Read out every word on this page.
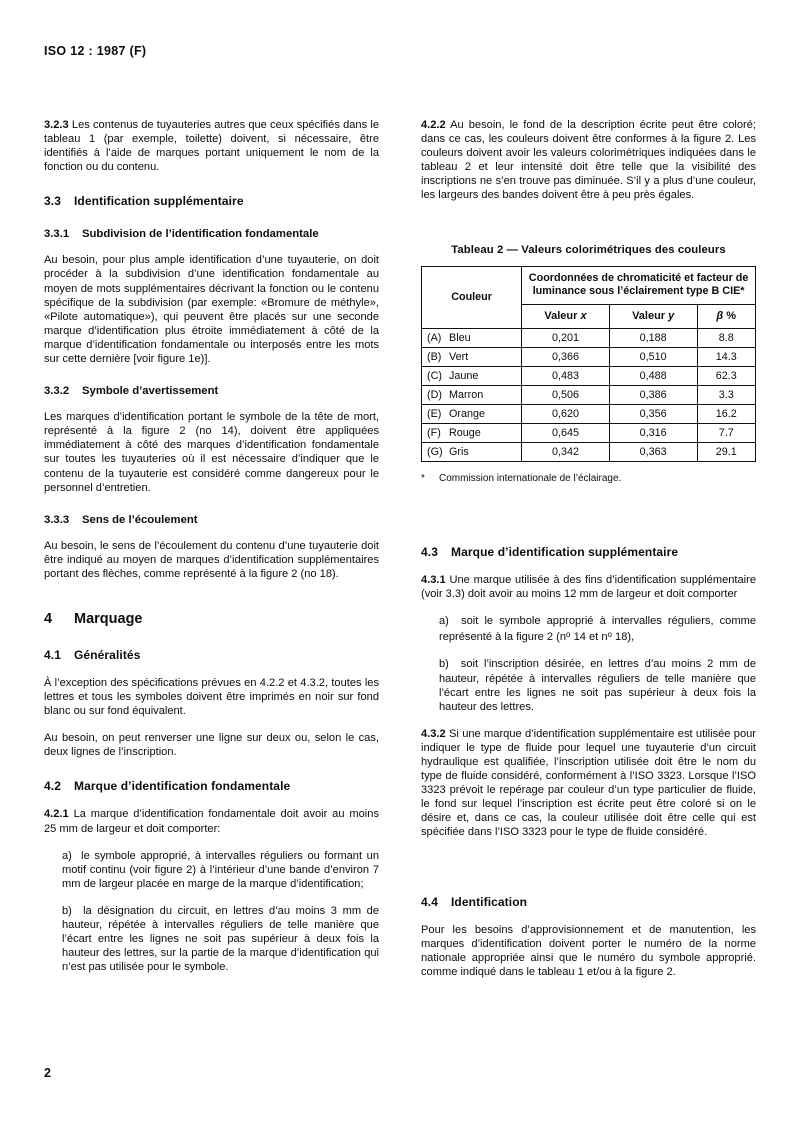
ISO 12 : 1987 (F)

3.2.3 Les contenus de tuyauteries autres que ceux spécifiés dans le tableau 1 (par exemple, toilette) doivent, si nécessaire, être identifiés à l’aide de marques portant uniquement le nom de la fonction ou du contenu.

3.3 Identification supplémentaire
3.3.1 Subdivision de l’identification fondamentale

Au besoin, pour plus ample identification d’une tuyauterie, on doit procéder à la subdivision d’une identification fondamentale au moyen de mots supplémentaires décrivant la fonction ou le contenu spécifique de la subdivision (par exemple: «Bromure de méthyle», «Pilote automatique»), qui peuvent être placés sur une seconde marque d’identification plus étroite immédiatement à côté de la marque d’identification fondamentale ou interposés entre les mots sur cette dernière [voir figure 1e)].

3.3.2 Symbole d’avertissement

Les marques d’identification portant le symbole de la tête de mort, représenté à la figure 2 (no 14), doivent être appliquées immédiatement à côté des marques d’identification fondamentale sur toutes les tuyauteries où il est nécessaire d’indiquer que le contenu de la tuyauterie est considéré comme dangereux pour le personnel d’entretien.

3.3.3 Sens de l’écoulement

Au besoin, le sens de l’écoulement du contenu d’une tuyauterie doit être indiqué au moyen de marques d’identification supplémentaires portant des flèches, comme représenté à la figure 2 (no 18).

4 Marquage
4.1 Généralités

À l’exception des spécifications prévues en 4.2.2 et 4.3.2, toutes les lettres et tous les symboles doivent être imprimés en noir sur fond blanc ou sur fond équivalent.

Au besoin, on peut renverser une ligne sur deux ou, selon le cas, deux lignes de l’inscription.

4.2 Marque d’identification fondamentale

4.2.1 La marque d’identification fondamentale doit avoir au moins 25 mm de largeur et doit comporter:

a) le symbole approprié, à intervalles réguliers ou formant un motif continu (voir figure 2) à l’intérieur d’une bande d’environ 7 mm de largeur placée en marge de la marque d’identification;

b) la désignation du circuit, en lettres d’au moins 3 mm de hauteur, répétée à intervalles réguliers de telle manière que l’écart entre les lignes ne soit pas supérieur à deux fois la hauteur des lettres, sur la partie de la marque d’identification qui n’est pas utilisée pour le symbole.

4.2.2 Au besoin, le fond de la description écrite peut être coloré; dans ce cas, les couleurs doivent être conformes à la figure 2. Les couleurs doivent avoir les valeurs colorimétriques indiquées dans le tableau 2 et leur intensité doit être telle que la visibilité des inscriptions ne s’en trouve pas diminuée. S’il y a plus d’une couleur, les largeurs des bandes doivent être à peu près égales.

Tableau 2 — Valeurs colorimétriques des couleurs
Couleur	Coordonnées de chromaticité et facteur de luminance sous l’éclairement type B CIE*		
	Valeur x	Valeur y	β %
(A) Bleu	0,201	0,188	8.8
(B) Vert	0,366	0,510	14.3
(C) Jaune	0,483	0,488	62.3
(D) Marron	0,506	0,386	3.3
(E) Orange	0,620	0,356	16.2
(F) Rouge	0,645	0,316	7.7
(G) Gris	0,342	0,363	29.1
*	Commission internationale de l’éclairage.
4.3 Marque d’identification supplémentaire

4.3.1 Une marque utilisée à des fins d’identification supplémentaire (voir 3.3) doit avoir au moins 12 mm de largeur et doit comporter

a) soit le symbole approprié à intervalles réguliers, comme représenté à la figure 2 ($n^o$ 14 et $n^o$ 18),

b) soit l’inscription désirée, en lettres d’au moins 2 mm de hauteur, répétée à intervalles réguliers de telle manière que l’écart entre les lignes ne soit pas supérieur à deux fois la hauteur des lettres.

4.3.2 Si une marque d’identification supplémentaire est utilisée pour indiquer le type de fluide pour lequel une tuyauterie d’un circuit hydraulique est qualifiée, l’inscription utilisée doit être le nom du type de fluide considéré, conformément à l’ISO 3323. Lorsque l’ISO 3323 prévoit le repérage par couleur d’un type particulier de fluide, le fond sur lequel l’inscription est écrite peut être coloré si on le désire et, dans ce cas, la couleur utilisée doit être celle qui est spécifiée dans l’ISO 3323 pour le type de fluide considéré.

4.4 Identification

Pour les besoins d’approvisionnement et de manutention, les marques d’identification doivent porter le numéro de la norme nationale appropriée ainsi que le numéro du symbole approprié. comme indiqué dans le tableau 1 et/ou à la figure 2.

2
